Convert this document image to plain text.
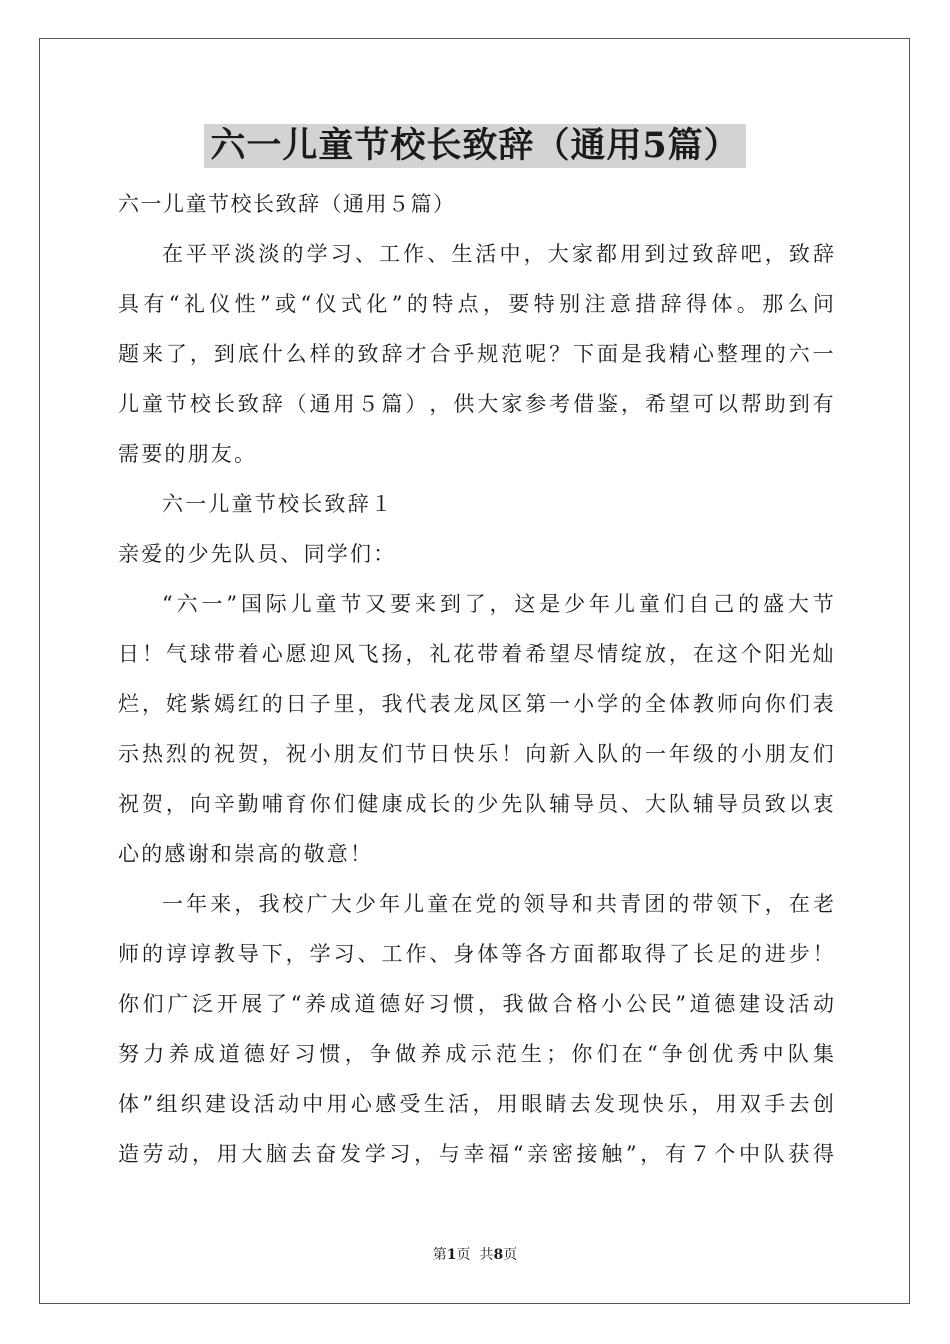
六一儿童节校长致辞（通用5篇）
六一儿童节校长致辞（通用５篇）
在 平 平 淡 淡 的 学 习 、 工 作 、 生 活 中 ， 大 家 都 用 到 过 致 辞 吧 ， 致 辞
具 有 “ 礼 仪 性 ” 或 “ 仪 式 化 ” 的 特 点 ， 要 特 别 注 意 措 辞 得 体 。 那 么 问
题 来 了 ， 到 底 什 么 样 的 致 辞 才 合 乎 规 范 呢 ？ 下 面 是 我 精 心 整 理 的 六 一
儿 童 节 校 长 致 辞 （ 通 用 ５ 篇 ） ， 供 大 家 参 考 借 鉴 ， 希 望 可 以 帮 助 到 有
需要的朋友。
六一儿童节校长致辞１
亲爱的少先队员、同学们：
“ 六 一 ” 国 际 儿 童 节 又 要 来 到 了 ， 这 是 少 年 儿 童 们 自 己 的 盛 大 节
日 ！ 气 球 带 着 心 愿 迎 风 飞 扬 ， 礼 花 带 着 希 望 尽 情 绽 放 ， 在 这 个 阳 光 灿
烂 ， 姹 紫 嫣 红 的 日 子 里 ， 我 代 表 龙 凤 区 第 一 小 学 的 全 体 教 师 向 你 们 表
示 热 烈 的 祝 贺 ， 祝 小 朋 友 们 节 日 快 乐 ！ 向 新 入 队 的 一 年 级 的 小 朋 友 们
祝 贺 ， 向 辛 勤 哺 育 你 们 健 康 成 长 的 少 先 队 辅 导 员 、 大 队 辅 导 员 致 以 衷
心的感谢和崇高的敬意！
一 年 来 ， 我 校 广 大 少 年 儿 童 在 党 的 领 导 和 共 青 团 的 带 领 下 ， 在 老
师 的 谆 谆 教 导 下 ， 学 习 、 工 作 、 身 体 等 各 方 面 都 取 得 了 长 足 的 进 步 ！
你 们 广 泛 开 展 了 “ 养 成 道 德 好 习 惯 ， 我 做 合 格 小 公 民 ” 道 德 建 设 活 动
努 力 养 成 道 德 好 习 惯 ， 争 做 养 成 示 范 生 ； 你 们 在 “ 争 创 优 秀 中 队 集
体 ” 组 织 建 设 活 动 中 用 心 感 受 生 活 ， 用 眼 睛 去 发 现 快 乐 ， 用 双 手 去 创
造 劳 动 ， 用 大 脑 去 奋 发 学 习 ， 与 幸 福 “ 亲 密 接 触 ” ， 有 ７ 个 中 队 获 得
第1页  共8页
